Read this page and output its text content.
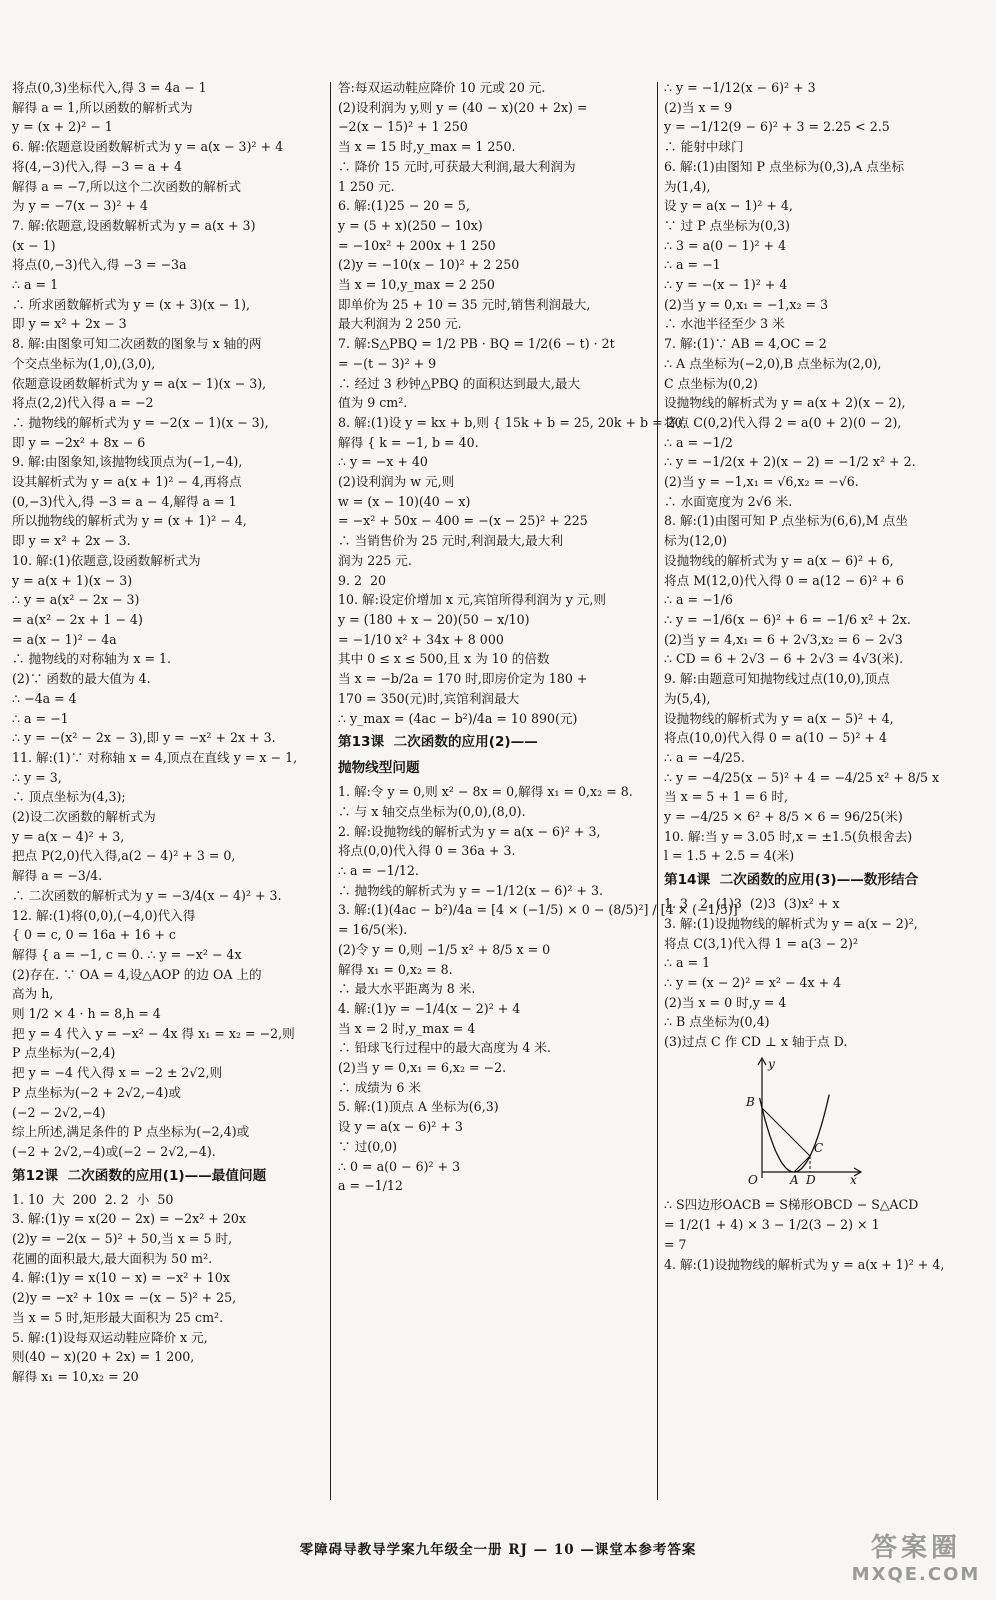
将点(0,3)坐标代入,得 3 = 4a − 1
解得 a = 1,所以函数的解析式为
y = (x + 2)² − 1
6. 解:依题意设函数解析式为 y = a(x − 3)² + 4
将(4,−3)代入,得 −3 = a + 4
解得 a = −7,所以这个二次函数的解析式
为 y = −7(x − 3)² + 4
7. 解:依题意,设函数解析式为 y = a(x + 3)
(x − 1)
将点(0,−3)代入,得 −3 = −3a
∴ a = 1
∴ 所求函数解析式为 y = (x + 3)(x − 1),
即 y = x² + 2x − 3
8. 解:由图象可知二次函数的图象与 x 轴的两
个交点坐标为(1,0),(3,0),
依题意设函数解析式为 y = a(x − 1)(x − 3),
将点(2,2)代入得 a = −2
∴ 抛物线的解析式为 y = −2(x − 1)(x − 3),
即 y = −2x² + 8x − 6
9. 解:由图象知,该抛物线顶点为(−1,−4),
设其解析式为 y = a(x + 1)² − 4,再将点
(0,−3)代入,得 −3 = a − 4,解得 a = 1
所以抛物线的解析式为 y = (x + 1)² − 4,
即 y = x² + 2x − 3.
10. 解:(1)依题意,设函数解析式为
y = a(x + 1)(x − 3)
∴ y = a(x² − 2x − 3)
= a(x² − 2x + 1 − 4)
= a(x − 1)² − 4a
∴ 抛物线的对称轴为 x = 1.
(2)∵ 函数的最大值为 4.
∴ −4a = 4
∴ a = −1
∴ y = −(x² − 2x − 3),即 y = −x² + 2x + 3.
11. 解:(1)∵ 对称轴 x = 4,顶点在直线 y = x − 1,
∴ y = 3,
∴ 顶点坐标为(4,3);
(2)设二次函数的解析式为
y = a(x − 4)² + 3,
把点 P(2,0)代入得,a(2 − 4)² + 3 = 0,
解得 a = −3/4.
∴ 二次函数的解析式为 y = −3/4(x − 4)² + 3.
12. 解:(1)将(0,0),(−4,0)代入得
{ 0 = c, 0 = 16a + 16 + c
解得 { a = −1, c = 0. ∴ y = −x² − 4x
(2)存在. ∵ OA = 4,设△AOP 的边 OA 上的
高为 h,
则 1/2 × 4 · h = 8,h = 4
把 y = 4 代入 y = −x² − 4x 得 x₁ = x₂ = −2,则
P 点坐标为(−2,4)
把 y = −4 代入得 x = −2 ± 2√2,则
P 点坐标为(−2 + 2√2,−4)或
(−2 − 2√2,−4)
综上所述,满足条件的 P 点坐标为(−2,4)或
(−2 + 2√2,−4)或(−2 − 2√2,−4).
第12课  二次函数的应用(1)——最值问题
1. 10  大  200  2. 2  小  50
3. 解:(1)y = x(20 − 2x) = −2x² + 20x
(2)y = −2(x − 5)² + 50,当 x = 5 时,
花圃的面积最大,最大面积为 50 m².
4. 解:(1)y = x(10 − x) = −x² + 10x
(2)y = −x² + 10x = −(x − 5)² + 25,
当 x = 5 时,矩形最大面积为 25 cm².
5. 解:(1)设每双运动鞋应降价 x 元,
则(40 − x)(20 + 2x) = 1 200,
解得 x₁ = 10,x₂ = 20
答:每双运动鞋应降价 10 元或 20 元.
(2)设利润为 y,则 y = (40 − x)(20 + 2x) =
−2(x − 15)² + 1 250
当 x = 15 时,y_max = 1 250.
∴ 降价 15 元时,可获最大利润,最大利润为
1 250 元.
6. 解:(1)25 − 20 = 5,
y = (5 + x)(250 − 10x)
= −10x² + 200x + 1 250
(2)y = −10(x − 10)² + 2 250
当 x = 10,y_max = 2 250
即单价为 25 + 10 = 35 元时,销售利润最大,
最大利润为 2 250 元.
7. 解:S△PBQ = 1/2 PB · BQ = 1/2(6 − t) · 2t
= −(t − 3)² + 9
∴ 经过 3 秒钟△PBQ 的面积达到最大,最大
值为 9 cm².
8. 解:(1)设 y = kx + b,则 { 15k + b = 25, 20k + b = 20,
解得 { k = −1, b = 40.
∴ y = −x + 40
(2)设利润为 w 元,则
w = (x − 10)(40 − x)
= −x² + 50x − 400 = −(x − 25)² + 225
∴ 当销售价为 25 元时,利润最大,最大利
润为 225 元.
9. 2  20
10. 解:设定价增加 x 元,宾馆所得利润为 y 元,则
y = (180 + x − 20)(50 − x/10)
= −1/10 x² + 34x + 8 000
其中 0 ≤ x ≤ 500,且 x 为 10 的倍数
当 x = −b/2a = 170 时,即房价定为 180 +
170 = 350(元)时,宾馆利润最大
∴ y_max = (4ac − b²)/4a = 10 890(元)
第13课  二次函数的应用(2)——
抛物线型问题
1. 解:令 y = 0,则 x² − 8x = 0,解得 x₁ = 0,x₂ = 8.
∴ 与 x 轴交点坐标为(0,0),(8,0).
2. 解:设抛物线的解析式为 y = a(x − 6)² + 3,
将点(0,0)代入得 0 = 36a + 3.
∴ a = −1/12.
∴ 抛物线的解析式为 y = −1/12(x − 6)² + 3.
3. 解:(1)(4ac − b²)/4a = [4 × (−1/5) × 0 − (8/5)²] / [4 × (−1/5)]
= 16/5(米).
(2)令 y = 0,则 −1/5 x² + 8/5 x = 0
解得 x₁ = 0,x₂ = 8.
∴ 最大水平距离为 8 米.
4. 解:(1)y = −1/4(x − 2)² + 4
当 x = 2 时,y_max = 4
∴ 铅球飞行过程中的最大高度为 4 米.
(2)当 y = 0,x₁ = 6,x₂ = −2.
∴ 成绩为 6 米
5. 解:(1)顶点 A 坐标为(6,3)
设 y = a(x − 6)² + 3
∵ 过(0,0)
∴ 0 = a(0 − 6)² + 3
a = −1/12
∴ y = −1/12(x − 6)² + 3
(2)当 x = 9
y = −1/12(9 − 6)² + 3 = 2.25 < 2.5
∴ 能射中球门
6. 解:(1)由图知 P 点坐标为(0,3),A 点坐标
为(1,4),
设 y = a(x − 1)² + 4,
∵ 过 P 点坐标为(0,3)
∴ 3 = a(0 − 1)² + 4
∴ a = −1
∴ y = −(x − 1)² + 4
(2)当 y = 0,x₁ = −1,x₂ = 3
∴ 水池半径至少 3 米
7. 解:(1)∵ AB = 4,OC = 2
∴ A 点坐标为(−2,0),B 点坐标为(2,0),
C 点坐标为(0,2)
设抛物线的解析式为 y = a(x + 2)(x − 2),
将点 C(0,2)代入得 2 = a(0 + 2)(0 − 2),
∴ a = −1/2
∴ y = −1/2(x + 2)(x − 2) = −1/2 x² + 2.
(2)当 y = −1,x₁ = √6,x₂ = −√6.
∴ 水面宽度为 2√6 米.
8. 解:(1)由图可知 P 点坐标为(6,6),M 点坐
标为(12,0)
设抛物线的解析式为 y = a(x − 6)² + 6,
将点 M(12,0)代入得 0 = a(12 − 6)² + 6
∴ a = −1/6
∴ y = −1/6(x − 6)² + 6 = −1/6 x² + 2x.
(2)当 y = 4,x₁ = 6 + 2√3,x₂ = 6 − 2√3
∴ CD = 6 + 2√3 − 6 + 2√3 = 4√3(米).
9. 解:由题意可知抛物线过点(10,0),顶点
为(5,4),
设抛物线的解析式为 y = a(x − 5)² + 4,
将点(10,0)代入得 0 = a(10 − 5)² + 4
∴ a = −4/25.
∴ y = −4/25(x − 5)² + 4 = −4/25 x² + 8/5 x
当 x = 5 + 1 = 6 时,
y = −4/25 × 6² + 8/5 × 6 = 96/25(米)
10. 解:当 y = 3.05 时,x = ±1.5(负根舍去)
l = 1.5 + 2.5 = 4(米)
第14课  二次函数的应用(3)——数形结合
1. 3   2. (1)3  (2)3  (3)x² + x
3. 解:(1)设抛物线的解析式为 y = a(x − 2)²,
将点 C(3,1)代入得 1 = a(3 − 2)²
∴ a = 1
∴ y = (x − 2)² = x² − 4x + 4
(2)当 x = 0 时,y = 4
∴ B 点坐标为(0,4)
(3)过点 C 作 CD ⊥ x 轴于点 D.
y
B
C
O	A D	x
∴ S四边形OACB = S梯形OBCD − S△ACD
= 1/2(1 + 4) × 3 − 1/2(3 − 2) × 1
= 7
4. 解:(1)设抛物线的解析式为 y = a(x + 1)² + 4,
零障碍导教导学案九年级全一册 RJ — 10 —课堂本参考答案	答案圈
MXQE.COM
